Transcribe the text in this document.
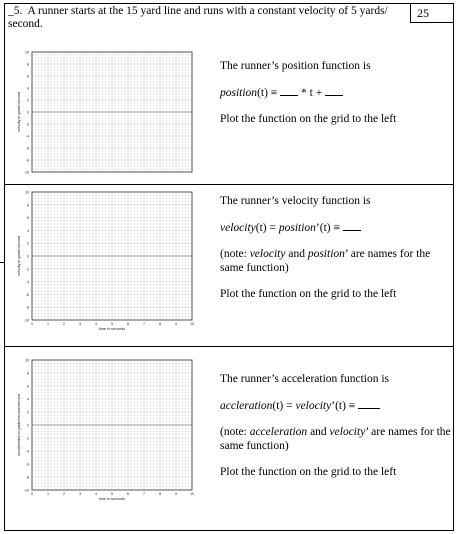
25
_5. A runner starts at the 15 yard line and runs with a constant velocity of 5 yards/ second.

The runner’s position function is

position(t) ≡  * t +

Plot the function on the grid to the left

The runner’s velocity function is

velocity(t) = position’(t) ≡

(note: velocity and position’ are names for the same function)

Plot the function on the grid to the left

The runner’s acceleration function is

accleration(t) = velocity’(t) ≡

(note: acceleration and velocity’ are names for the same function)

Plot the function on the grid to the left

10
8
6
4
2
0
-2
-4
-6
-8
-10
velocity in yards/second
10
8
6
4
2
0
-2
-4
-6
-8
-10
0	1	2	3	4	5	6	7	8	9	10
velocity in yards/second
time in seconds
10
8
6
4
2
0
-2
-4
-6
-8
-10
0	1	2	3	4	5	6	7	8	9	10
acceleration in yards/second/second
time in seconds
